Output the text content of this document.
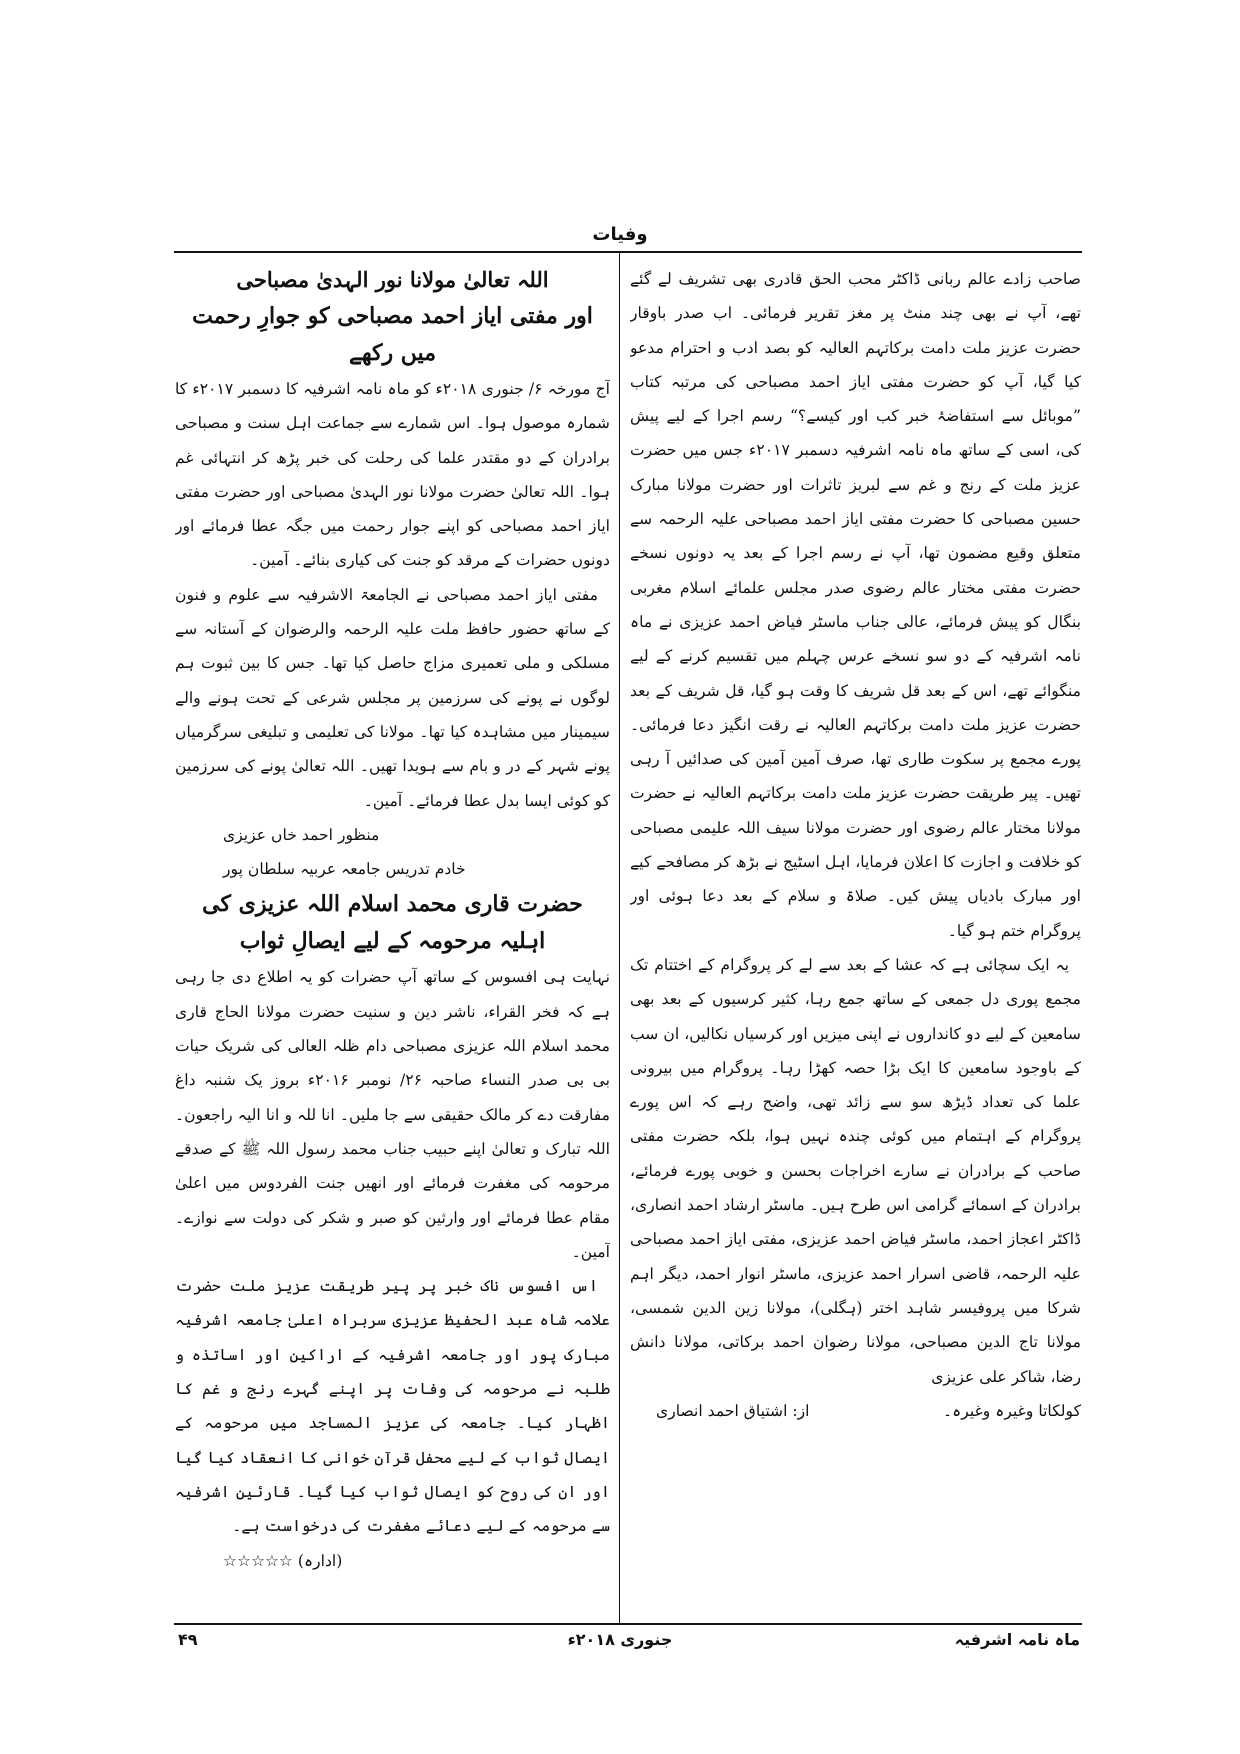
وفیات

صاحب زادے عالم ربانی ڈاکٹر محب الحق قادری بھی تشریف لے گئے تھے، آپ نے بھی چند منٹ پر مغز تقریر فرمائی۔ اب صدر باوقار حضرت عزیز ملت دامت برکاتہم العالیہ کو بصد ادب و احترام مدعو کیا گیا، آپ کو حضرت مفتی ایاز احمد مصباحی کی مرتبہ کتاب ”موبائل سے استفاضۂ خبر کب اور کیسے؟“ رسم اجرا کے لیے پیش کی، اسی کے ساتھ ماہ نامہ اشرفیہ دسمبر ۲۰۱۷ء جس میں حضرت عزیز ملت کے رنج و غم سے لبریز تاثرات اور حضرت مولانا مبارک حسین مصباحی کا حضرت مفتی ایاز احمد مصباحی علیہ الرحمہ سے متعلق وقیع مضمون تھا، آپ نے رسم اجرا کے بعد یہ دونوں نسخے حضرت مفتی مختار عالم رضوی صدر مجلس علمائے اسلام مغربی بنگال کو پیش فرمائے، عالی جناب ماسٹر فیاض احمد عزیزی نے ماہ نامہ اشرفیہ کے دو سو نسخے عرس چہلم میں تقسیم کرنے کے لیے منگوائے تھے، اس کے بعد قل شریف کا وقت ہو گیا، قل شریف کے بعد حضرت عزیز ملت دامت برکاتہم العالیہ نے رقت انگیز دعا فرمائی۔ پورے مجمع پر سکوت طاری تھا، صرف آمین آمین کی صدائیں آ رہی تھیں۔ پیر طریقت حضرت عزیز ملت دامت برکاتہم العالیہ نے حضرت مولانا مختار عالم رضوی اور حضرت مولانا سیف اللہ علیمی مصباحی کو خلافت و اجازت کا اعلان فرمایا، اہل اسٹیج نے بڑھ کر مصافحے کیے اور مبارک بادیاں پیش کیں۔ صلاۃ و سلام کے بعد دعا ہوئی اور پروگرام ختم ہو گیا۔

یہ ایک سچائی ہے کہ عشا کے بعد سے لے کر پروگرام کے اختتام تک مجمع پوری دل جمعی کے ساتھ جمع رہا، کثیر کرسیوں کے بعد بھی سامعین کے لیے دو کانداروں نے اپنی میزیں اور کرسیاں نکالیں، ان سب کے باوجود سامعین کا ایک بڑا حصہ کھڑا رہا۔ پروگرام میں بیرونی علما کی تعداد ڈیڑھ سو سے زائد تھی، واضح رہے کہ اس پورے پروگرام کے اہتمام میں کوئی چندہ نہیں ہوا، بلکہ حضرت مفتی صاحب کے برادران نے سارے اخراجات بحسن و خوبی پورے فرمائے، برادران کے اسمائے گرامی اس طرح ہیں۔ ماسٹر ارشاد احمد انصاری، ڈاکٹر اعجاز احمد، ماسٹر فیاض احمد عزیزی، مفتی ایاز احمد مصباحی علیہ الرحمہ، قاضی اسرار احمد عزیزی، ماسٹر انوار احمد، دیگر اہم شرکا میں پروفیسر شاہد اختر (ہگلی)، مولانا زین الدین شمسی، مولانا تاج الدین مصباحی، مولانا رضوان احمد برکاتی، مولانا دانش رضا، شاکر علی عزیزی

کولکاتا وغیرہ وغیرہ۔
از: اشتیاق احمد انصاری

اللہ تعالیٰ مولانا نور الہدیٰ مصباحی

اور مفتی ایاز احمد مصباحی کو جوارِ رحمت میں رکھے

آج مورخہ ۶/ جنوری ۲۰۱۸ء کو ماہ نامہ اشرفیہ کا دسمبر ۲۰۱۷ء کا شمارہ موصول ہوا۔ اس شمارے سے جماعت اہل سنت و مصباحی برادران کے دو مقتدر علما کی رحلت کی خبر پڑھ کر انتہائی غم ہوا۔ اللہ تعالیٰ حضرت مولانا نور الہدیٰ مصباحی اور حضرت مفتی ایاز احمد مصباحی کو اپنے جوار رحمت میں جگہ عطا فرمائے اور دونوں حضرات کے مرقد کو جنت کی کیاری بنائے۔ آمین۔

مفتی ایاز احمد مصباحی نے الجامعۃ الاشرفیہ سے علوم و فنون کے ساتھ حضور حافظ ملت علیہ الرحمہ والرضوان کے آستانہ سے مسلکی و ملی تعمیری مزاج حاصل کیا تھا۔ جس کا بین ثبوت ہم لوگوں نے پونے کی سرزمین پر مجلس شرعی کے تحت ہونے والے سیمینار میں مشاہدہ کیا تھا۔ مولانا کی تعلیمی و تبلیغی سرگرمیاں پونے شہر کے در و بام سے ہویدا تھیں۔ اللہ تعالیٰ پونے کی سرزمین کو کوئی ایسا بدل عطا فرمائے۔ آمین۔

منظور احمد خاں عزیزی

خادم تدریس جامعہ عربیہ سلطان پور

حضرت قاری محمد اسلام اللہ عزیزی کی

اہلیہ مرحومہ کے لیے ایصالِ ثواب

نہایت ہی افسوس کے ساتھ آپ حضرات کو یہ اطلاع دی جا رہی ہے کہ فخر القراء، ناشر دین و سنیت حضرت مولانا الحاج قاری محمد اسلام اللہ عزیزی مصباحی دام ظلہ العالی کی شریک حیات بی بی صدر النساء صاحبہ ۲۶/ نومبر ۲۰۱۶ء بروز یک شنبہ داغ مفارقت دے کر مالک حقیقی سے جا ملیں۔ انا للہ و انا الیہ راجعون۔ اللہ تبارک و تعالیٰ اپنے حبیب جناب محمد رسول اللہ ﷺ کے صدقے مرحومہ کی مغفرت فرمائے اور انھیں جنت الفردوس میں اعلیٰ مقام عطا فرمائے اور وارثین کو صبر و شکر کی دولت سے نوازے۔ آمین۔

اس افسوس ناک خبر پر پیر طریقت عزیز ملت حضرت علامہ شاہ عبد الحفیظ عزیزی سربراہ اعلیٰ جامعہ اشرفیہ مبارک پور اور جامعہ اشرفیہ کے اراکین اور اساتذہ و طلبہ نے مرحومہ کی وفات پر اپنے گہرے رنج و غم کا اظہار کیا۔ جامعہ کی عزیز المساجد میں مرحومہ کے ایصال ثواب کے لیے محفل قرآن خوانی کا انعقاد کیا گیا اور ان کی روح کو ایصال ثواب کیا گیا۔ قارئین اشرفیہ سے مرحومہ کے لیے دعائے مغفرت کی درخواست ہے۔

(ادارہ) ☆☆☆☆☆

ماہ نامہ اشرفیہ
جنوری ۲۰۱۸ء
۴۹
